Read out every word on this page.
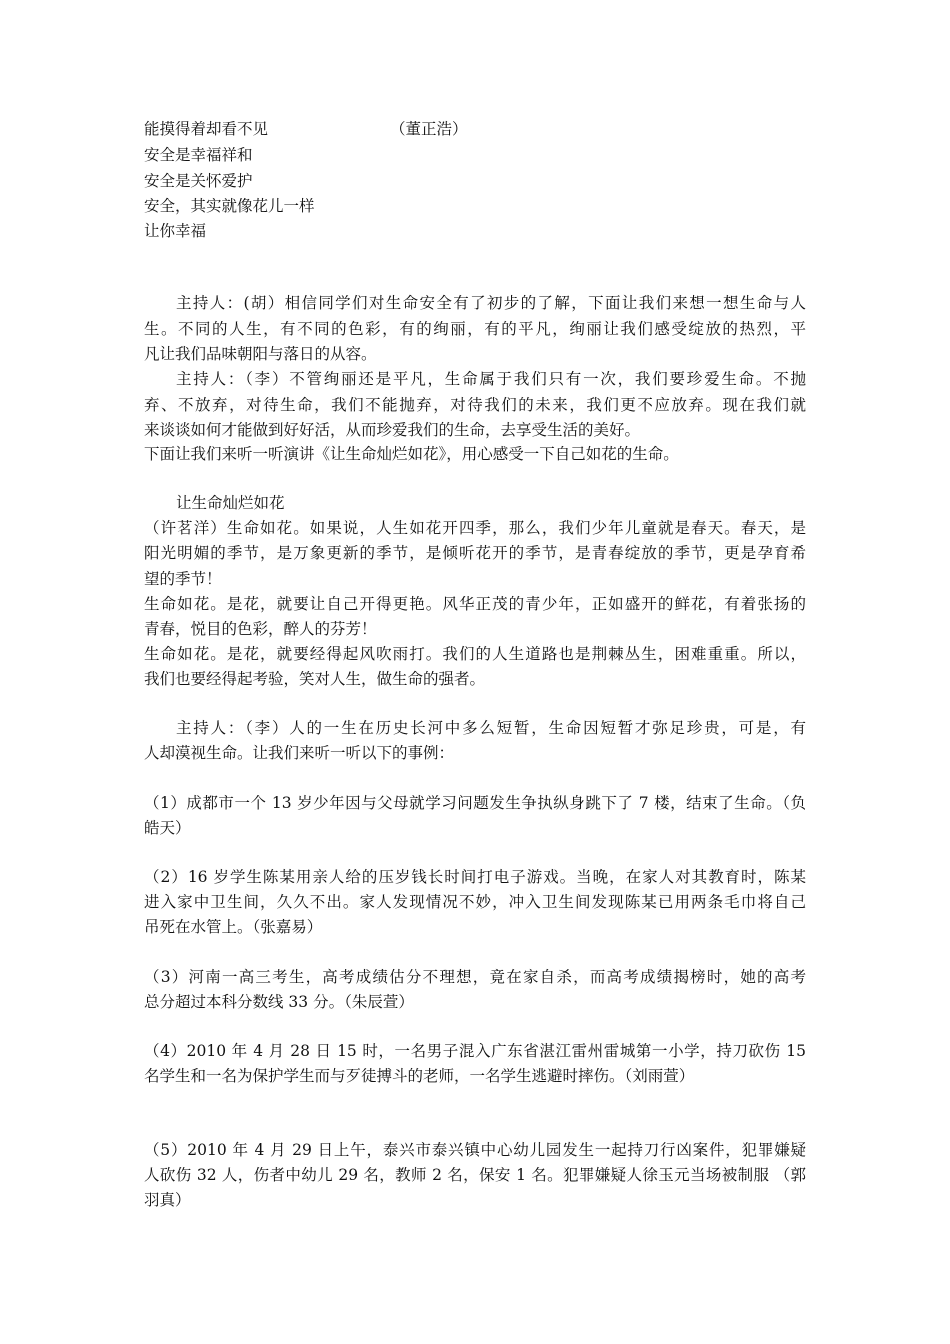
能摸得着却看不见	（董正浩）

安全是幸福祥和

安全是关怀爱护

安全，其实就像花儿一样

让你幸福

主持人：(胡）相信同学们对生命安全有了初步的了解，下面让我们来想一想生命与人

生。不同的人生，有不同的色彩，有的绚丽，有的平凡，绚丽让我们感受绽放的热烈，平

凡让我们品味朝阳与落日的从容。

主持人：（李）不管绚丽还是平凡，生命属于我们只有一次，我们要珍爱生命。不抛

弃、不放弃，对待生命，我们不能抛弃，对待我们的未来，我们更不应放弃。现在我们就

来谈谈如何才能做到好好活，从而珍爱我们的生命，去享受生活的美好。

下面让我们来听一听演讲《让生命灿烂如花》，用心感受一下自己如花的生命。

让生命灿烂如花

（许茗洋）生命如花。如果说，人生如花开四季，那么，我们少年儿童就是春天。春天，是

阳光明媚的季节，是万象更新的季节，是倾听花开的季节，是青春绽放的季节，更是孕育希

望的季节！

生命如花。是花，就要让自己开得更艳。风华正茂的青少年，正如盛开的鲜花，有着张扬的

青春，悦目的色彩，醉人的芬芳！

生命如花。是花，就要经得起风吹雨打。我们的人生道路也是荆棘丛生，困难重重。所以，

我们也要经得起考验，笑对人生，做生命的强者。

主持人：（李）人的一生在历史长河中多么短暂，生命因短暂才弥足珍贵，可是，有

人却漠视生命。让我们来听一听以下的事例：

（1）成都市一个 13 岁少年因与父母就学习问题发生争执纵身跳下了 7 楼，结束了生命。（负

皓天）

（2）16 岁学生陈某用亲人给的压岁钱长时间打电子游戏。当晚，在家人对其教育时，陈某

进入家中卫生间，久久不出。家人发现情况不妙，冲入卫生间发现陈某已用两条毛巾将自己

吊死在水管上。（张嘉易）

（3）河南一高三考生，高考成绩估分不理想，竟在家自杀，而高考成绩揭榜时，她的高考

总分超过本科分数线 33 分。（朱辰萱）

（4）2010 年 4 月 28 日 15 时，一名男子混入广东省湛江雷州雷城第一小学，持刀砍伤 15

名学生和一名为保护学生而与歹徒搏斗的老师，一名学生逃避时摔伤。（刘雨萱）

（5）2010 年 4 月 29 日上午，泰兴市泰兴镇中心幼儿园发生一起持刀行凶案件，犯罪嫌疑

人砍伤 32 人，伤者中幼儿 29 名，教师 2 名，保安 1 名。犯罪嫌疑人徐玉元当场被制服 （郭

羽真）
